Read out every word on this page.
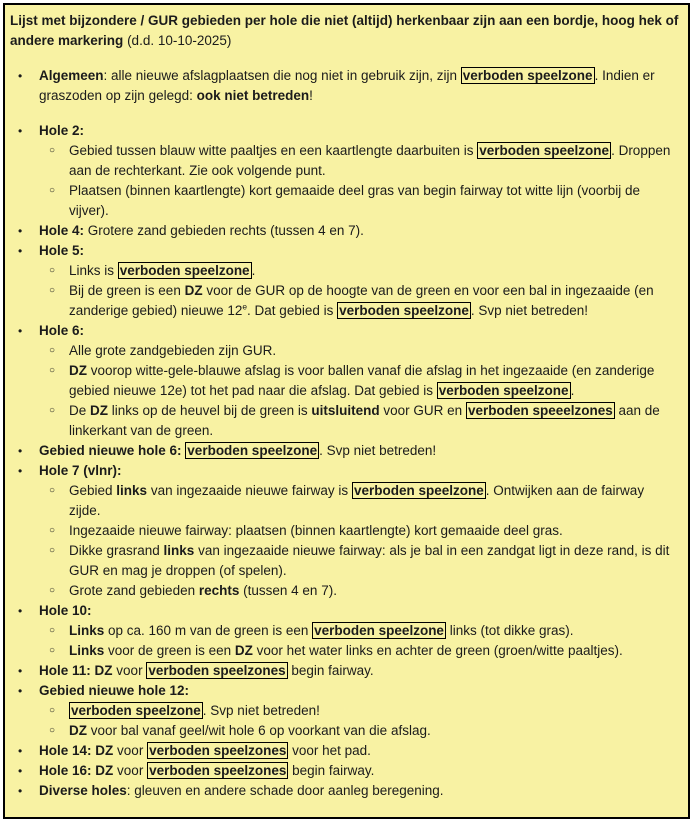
Lijst met bijzondere / GUR gebieden per hole die niet (altijd) herkenbaar zijn aan een bordje, hoog hek of andere markering (d.d. 10-10-2025)

•	Algemeen: alle nieuwe afslagplaatsen die nog niet in gebruik zijn, zijn verboden speelzone . Indien er graszoden op zijn gelegd: ook niet betreden!
•	Hole 2:
○	Gebied tussen blauw witte paaltjes en een kaartlengte daarbuiten is verboden speelzone . Droppen aan de rechterkant. Zie ook volgende punt.
○	Plaatsen (binnen kaartlengte) kort gemaaide deel gras van begin fairway tot witte lijn (voorbij de vijver).
•	Hole 4: Grotere zand gebieden rechts (tussen 4 en 7).
•	Hole 5:
○	Links is verboden speelzone .
○	Bij de green is een DZ voor de GUR op de hoogte van de green en voor een bal in ingezaaide (en zanderige gebied) nieuwe 12e. Dat gebied is verboden speelzone . Svp niet betreden!
•	Hole 6:
○	Alle grote zandgebieden zijn GUR.
○	DZ voorop witte-gele-blauwe afslag is voor ballen vanaf die afslag in het ingezaaide (en zanderige gebied nieuwe 12e) tot het pad naar die afslag. Dat gebied is verboden speelzone .
○	De DZ links op de heuvel bij de green is uitsluitend voor GUR en verboden speeelzones aan de linkerkant van de green.
•	Gebied nieuwe hole 6: verboden speelzone . Svp niet betreden!
•	Hole 7 (vlnr):
○	Gebied links van ingezaaide nieuwe fairway is verboden speelzone . Ontwijken aan de fairway zijde.
○	Ingezaaide nieuwe fairway: plaatsen (binnen kaartlengte) kort gemaaide deel gras.
○	Dikke grasrand links van ingezaaide nieuwe fairway: als je bal in een zandgat ligt in deze rand, is dit GUR en mag je droppen (of spelen).
○	Grote zand gebieden rechts (tussen 4 en 7).
•	Hole 10:
○	Links op ca. 160 m van de green is een verboden speelzone links (tot dikke gras).
○	Links voor de green is een DZ voor het water links en achter de green (groen/witte paaltjes).
•	Hole 11: DZ voor verboden speelzones begin fairway.
•	Gebied nieuwe hole 12:
○	verboden speelzone . Svp niet betreden!
○	DZ voor bal vanaf geel/wit hole 6 op voorkant van die afslag.
•	Hole 14: DZ voor verboden speelzones voor het pad.
•	Hole 16: DZ voor verboden speelzones begin fairway.
•	Diverse holes: gleuven en andere schade door aanleg beregening.
